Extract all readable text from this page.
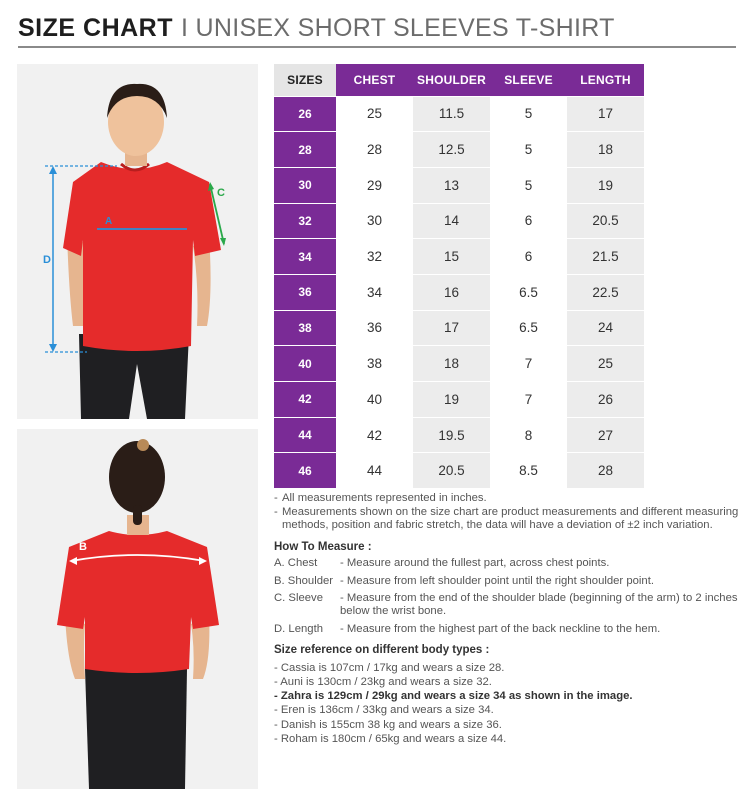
SIZE CHART I UNISEX SHORT SLEEVES T-SHIRT
D
A
C
B
SIZES	CHEST	SHOULDER	SLEEVE	LENGTH
26	25	11.5	5	17
28	28	12.5	5	18
30	29	13	5	19
32	30	14	6	20.5
34	32	15	6	21.5
36	34	16	6.5	22.5
38	36	17	6.5	24
40	38	18	7	25
42	40	19	7	26
44	42	19.5	8	27
46	44	20.5	8.5	28
- All measurements represented in inches.
- Measurements shown on the size chart are product measurements and different measuring methods, position and fabric stretch, the data will have a deviation of ±2 inch variation.
How To Measure :
A. Chest	- Measure around the fullest part, across chest points.
B. Shoulder - Measure from left shoulder point until the right shoulder point.
C. Sleeve	- Measure from the end of the shoulder blade (beginning of the arm) to 2 inches below the wrist bone.
D. Length	- Measure from the highest part of the back neckline to the hem.
Size reference on different body types :
- Cassia is 107cm / 17kg and wears a size 28.
- Auni is 130cm / 23kg and wears a size 32.
- Zahra is 129cm / 29kg and wears a size 34 as shown in the image.
- Eren is 136cm / 33kg and wears a size 34.
- Danish is 155cm 38 kg and wears a size 36.
- Roham is 180cm / 65kg and wears a size 44.
